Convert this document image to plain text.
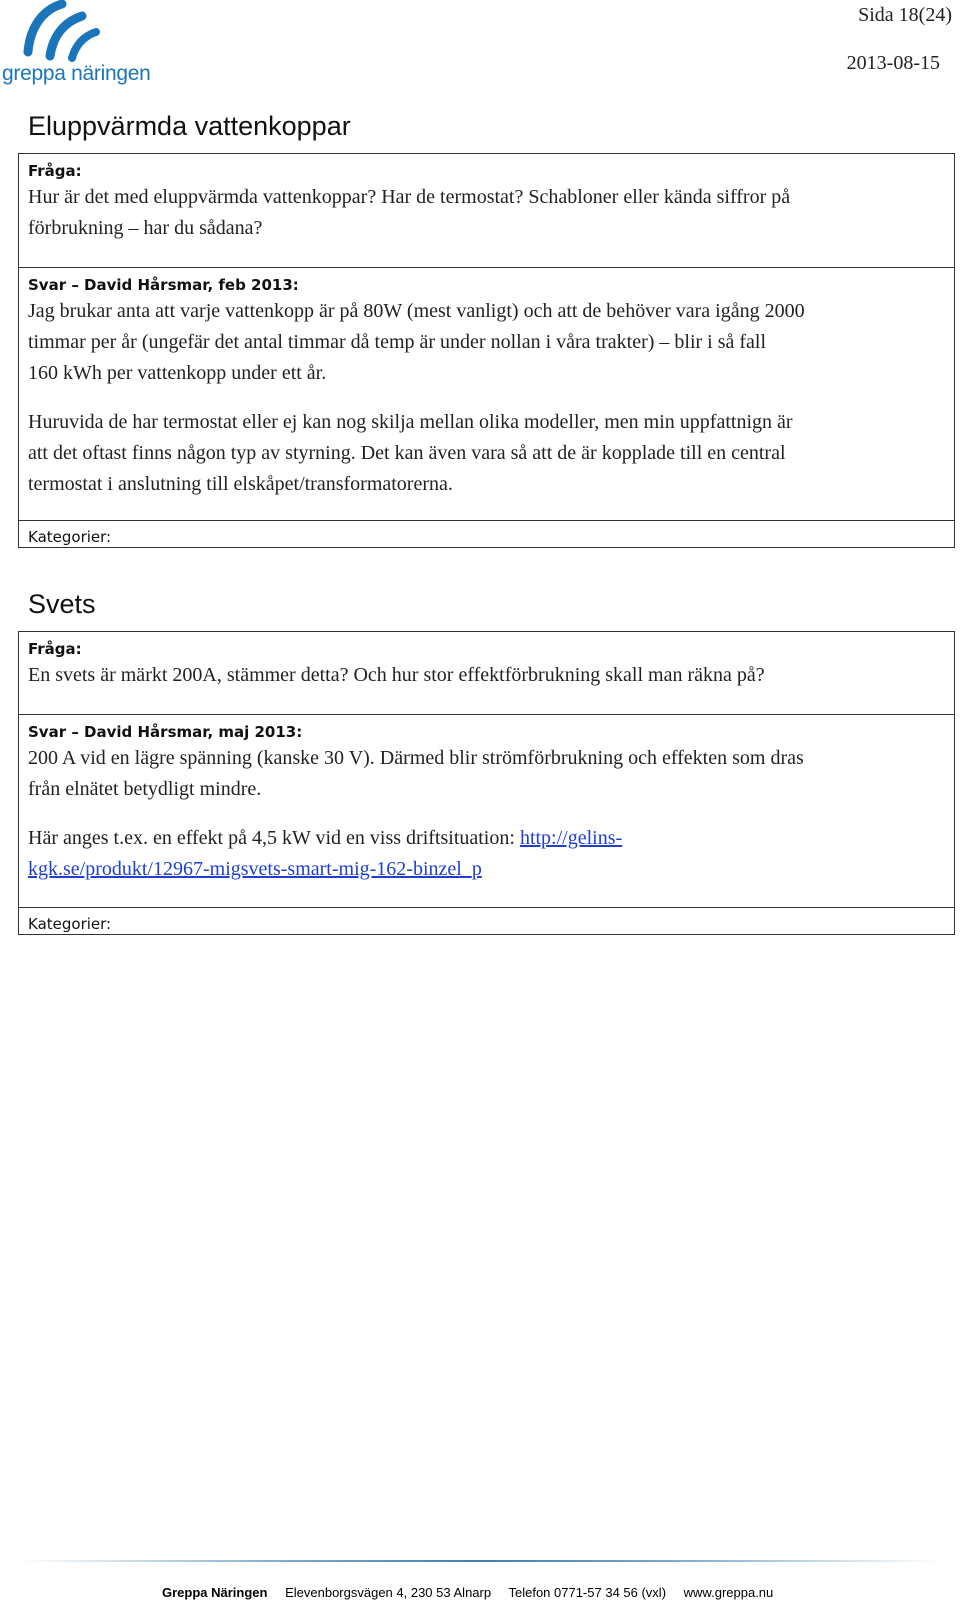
greppa näringen
Sida 18(24)
2013-08-15
Eluppvärmda vattenkoppar
Fråga:

Hur är det med eluppvärmda vattenkoppar? Har de termostat? Schabloner eller kända siffror på

förbrukning – har du sådana?

Svar – David Hårsmar, feb 2013:

Jag brukar anta att varje vattenkopp är på 80W (mest vanligt) och att de behöver vara igång 2000

timmar per år (ungefär det antal timmar då temp är under nollan i våra trakter) – blir i så fall

160 kWh per vattenkopp under ett år.

Huruvida de har termostat eller ej kan nog skilja mellan olika modeller, men min uppfattnign är

att det oftast finns någon typ av styrning. Det kan även vara så att de är kopplade till en central

termostat i anslutning till elskåpet/transformatorerna.

Kategorier:
Svets
Fråga:

En svets är märkt 200A, stämmer detta? Och hur stor effektförbrukning skall man räkna på?

Svar – David Hårsmar, maj 2013:

200 A vid en lägre spänning (kanske 30 V). Därmed blir strömförbrukning och effekten som dras

från elnätet betydligt mindre.

Här anges t.ex. en effekt på 4,5 kW vid en viss driftsituation: http://gelins-

kgk.se/produkt/12967-migsvets-smart-mig-162-binzel_p

Kategorier:
Greppa Näringen Elevenborgsvägen 4, 230 53 Alnarp Telefon 0771-57 34 56 (vxl) www.greppa.nu
